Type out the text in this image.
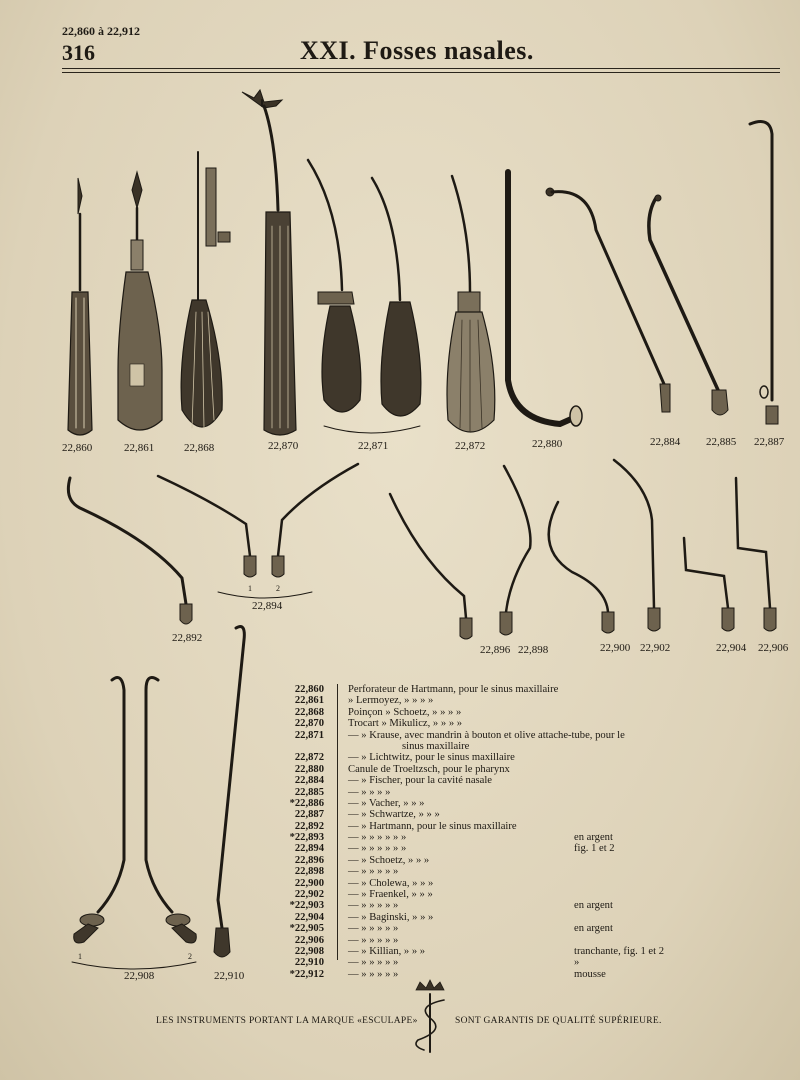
22,860 à 22,912
316	XXI. Fosses nasales.
22,860	22,861	22,868	22,870	22,871	22,872	22,880	22,884 22,885 22,887
22,892
1	2
22,894
22,896 22,898	22,900 22,902	22,904 22,906
1	2
22,908	22,910
22,860 Perforateur de Hartmann, pour le sinus maxillaire
22,861 » Lermoyez, » » » »
22,868 Poinçon » Schoetz, » » » »
22,870 Trocart » Mikulicz, » » » »
22,871 — » Krause, avec mandrin à bouton et olive attache-tube, pour le
sinus maxillaire
22,872 — » Lichtwitz, pour le sinus maxillaire
22,880 Canule de Troeltzsch, pour le pharynx
22,884 — » Fischer, pour la cavité nasale
22,885 — » » » »
*22,886 — » Vacher, » » »
22,887 — » Schwartze, » » »
22,892 — » Hartmann, pour le sinus maxillaire
*22,893 — » » » » » »	en argent
22,894 — » » » » » »	fig. 1 et 2
22,896 — » Schoetz, » » »
22,898 — » » » » »
22,900 — » Cholewa, » » »
22,902 — » Fraenkel, » » »
*22,903 — » » » » »	en argent
22,904 — » Baginski, » » »
*22,905 — » » » » »	en argent
22,906 — » » » » »
22,908 — » Killian, » » »	tranchante, fig. 1 et 2
22,910 — » » » » »	»
*22,912 — » » » » »	mousse
LES INSTRUMENTS PORTANT LA MARQUE «ESCULAPE»	SONT GARANTIS DE QUALITÉ SUPÉRIEURE.
